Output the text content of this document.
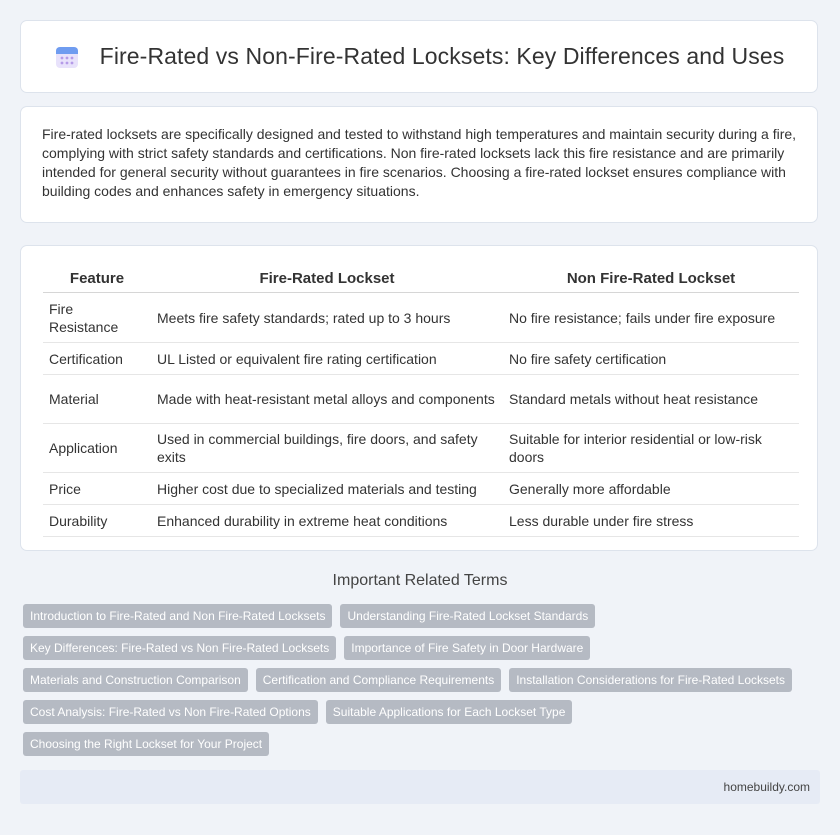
Fire-Rated vs Non-Fire-Rated Locksets: Key Differences and Uses

Fire-rated locksets are specifically designed and tested to withstand high temperatures and maintain security during a fire, complying with strict safety standards and certifications. Non fire-rated locksets lack this fire resistance and are primarily intended for general security without guarantees in fire scenarios. Choosing a fire-rated lockset ensures compliance with building codes and enhances safety in emergency situations.

Feature	Fire-Rated Lockset	Non Fire-Rated Lockset
Fire Resistance	Meets fire safety standards; rated up to 3 hours	No fire resistance; fails under fire exposure
Certification	UL Listed or equivalent fire rating certification	No fire safety certification
Material	Made with heat-resistant metal alloys and components	Standard metals without heat resistance
Application	Used in commercial buildings, fire doors, and safety exits	Suitable for interior residential or low-risk doors
Price	Higher cost due to specialized materials and testing	Generally more affordable
Durability	Enhanced durability in extreme heat conditions	Less durable under fire stress
Important Related Terms
Introduction to Fire-Rated and Non Fire-Rated Locksets	Understanding Fire-Rated Lockset Standards
Key Differences: Fire-Rated vs Non Fire-Rated Locksets	Importance of Fire Safety in Door Hardware
Materials and Construction Comparison	Certification and Compliance Requirements	Installation Considerations for Fire-Rated Locksets
Cost Analysis: Fire-Rated vs Non Fire-Rated Options	Suitable Applications for Each Lockset Type
Choosing the Right Lockset for Your Project
homebuildy.com
